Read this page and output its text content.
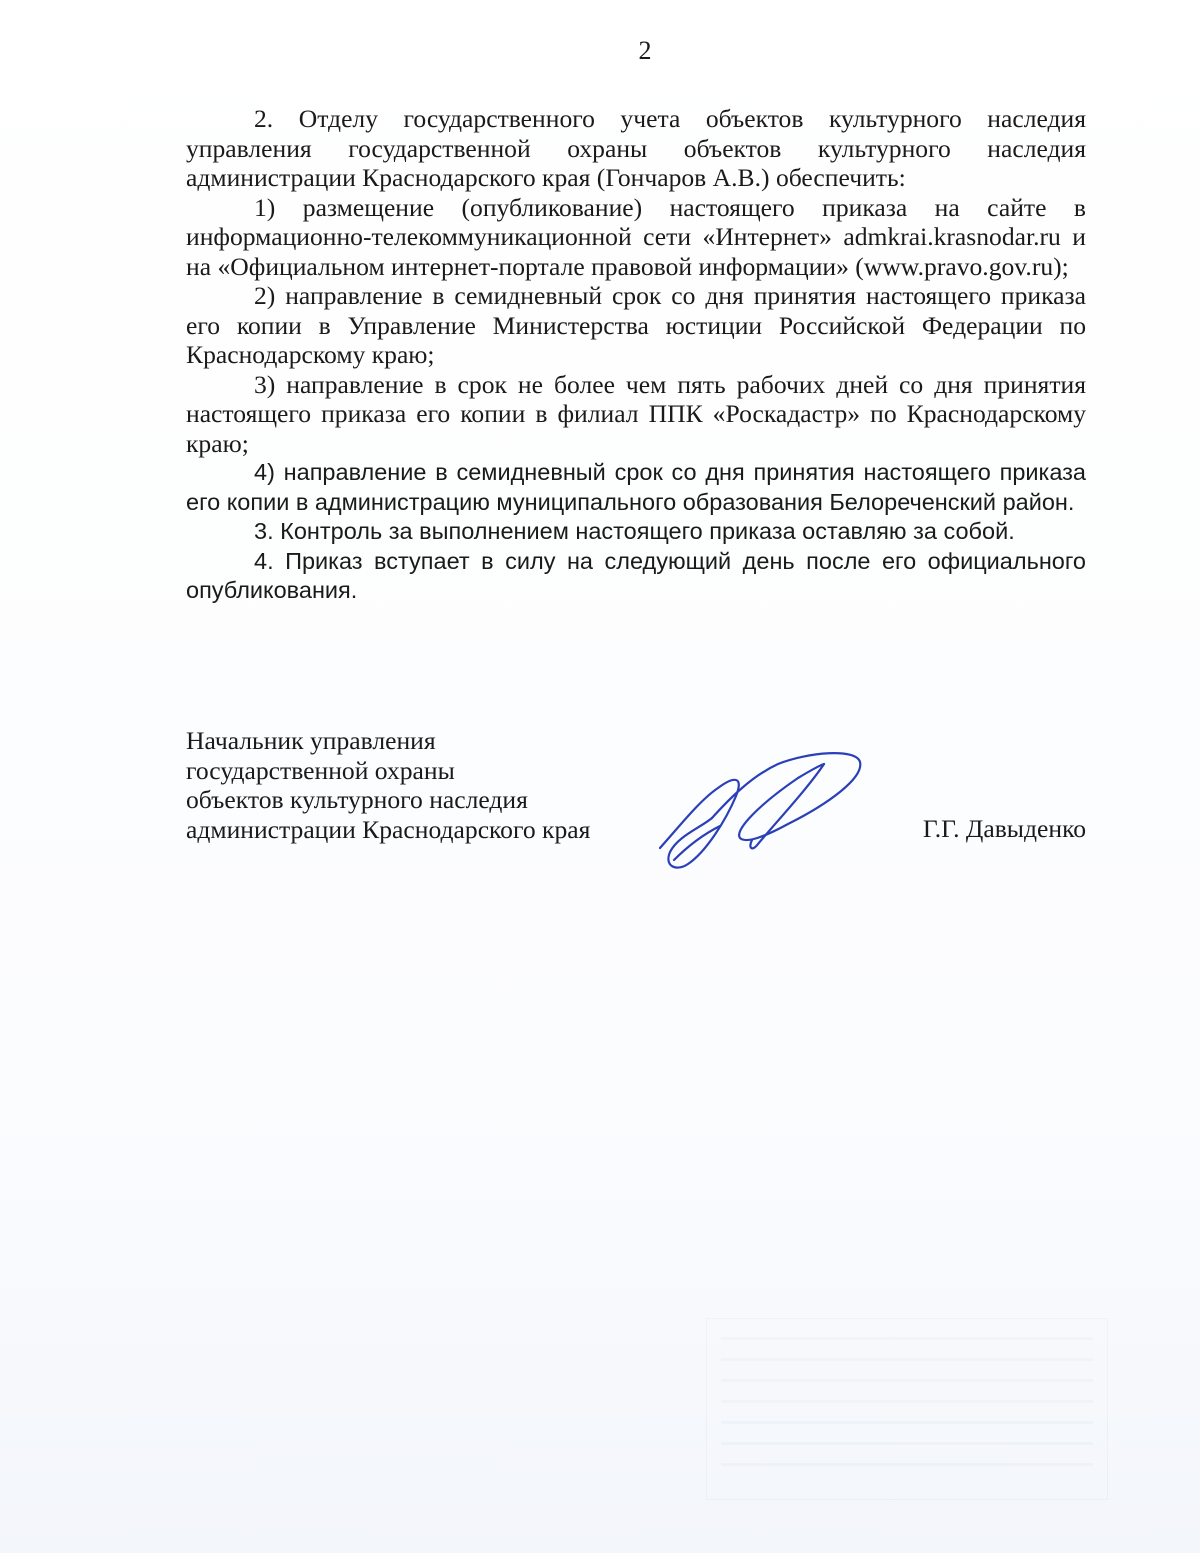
2

2. Отделу государственного учета объектов культурного наследия управления государственной охраны объектов культурного наследия администрации Краснодарского края (Гончаров А.В.) обеспечить:

1) размещение (опубликование) настоящего приказа на сайте в информационно-телекоммуникационной сети «Интернет» admkrai.krasnodar.ru и на «Официальном интернет-портале правовой информации» (www.pravo.gov.ru);

2) направление в семидневный срок со дня принятия настоящего приказа его копии в Управление Министерства юстиции Российской Федерации по Краснодарскому краю;

3) направление в срок не более чем пять рабочих дней со дня принятия настоящего приказа его копии в филиал ППК «Роскадастр» по Краснодарскому краю;

4) направление в семидневный срок со дня принятия настоящего приказа его копии в администрацию муниципального образования Белореченский район.

3. Контроль за выполнением настоящего приказа оставляю за собой.

4. Приказ вступает в силу на следующий день после его официального опубликования.

Начальник управления
государственной охраны
объектов культурного наследия
администрации Краснодарского края	Г.Г. Давыденко
